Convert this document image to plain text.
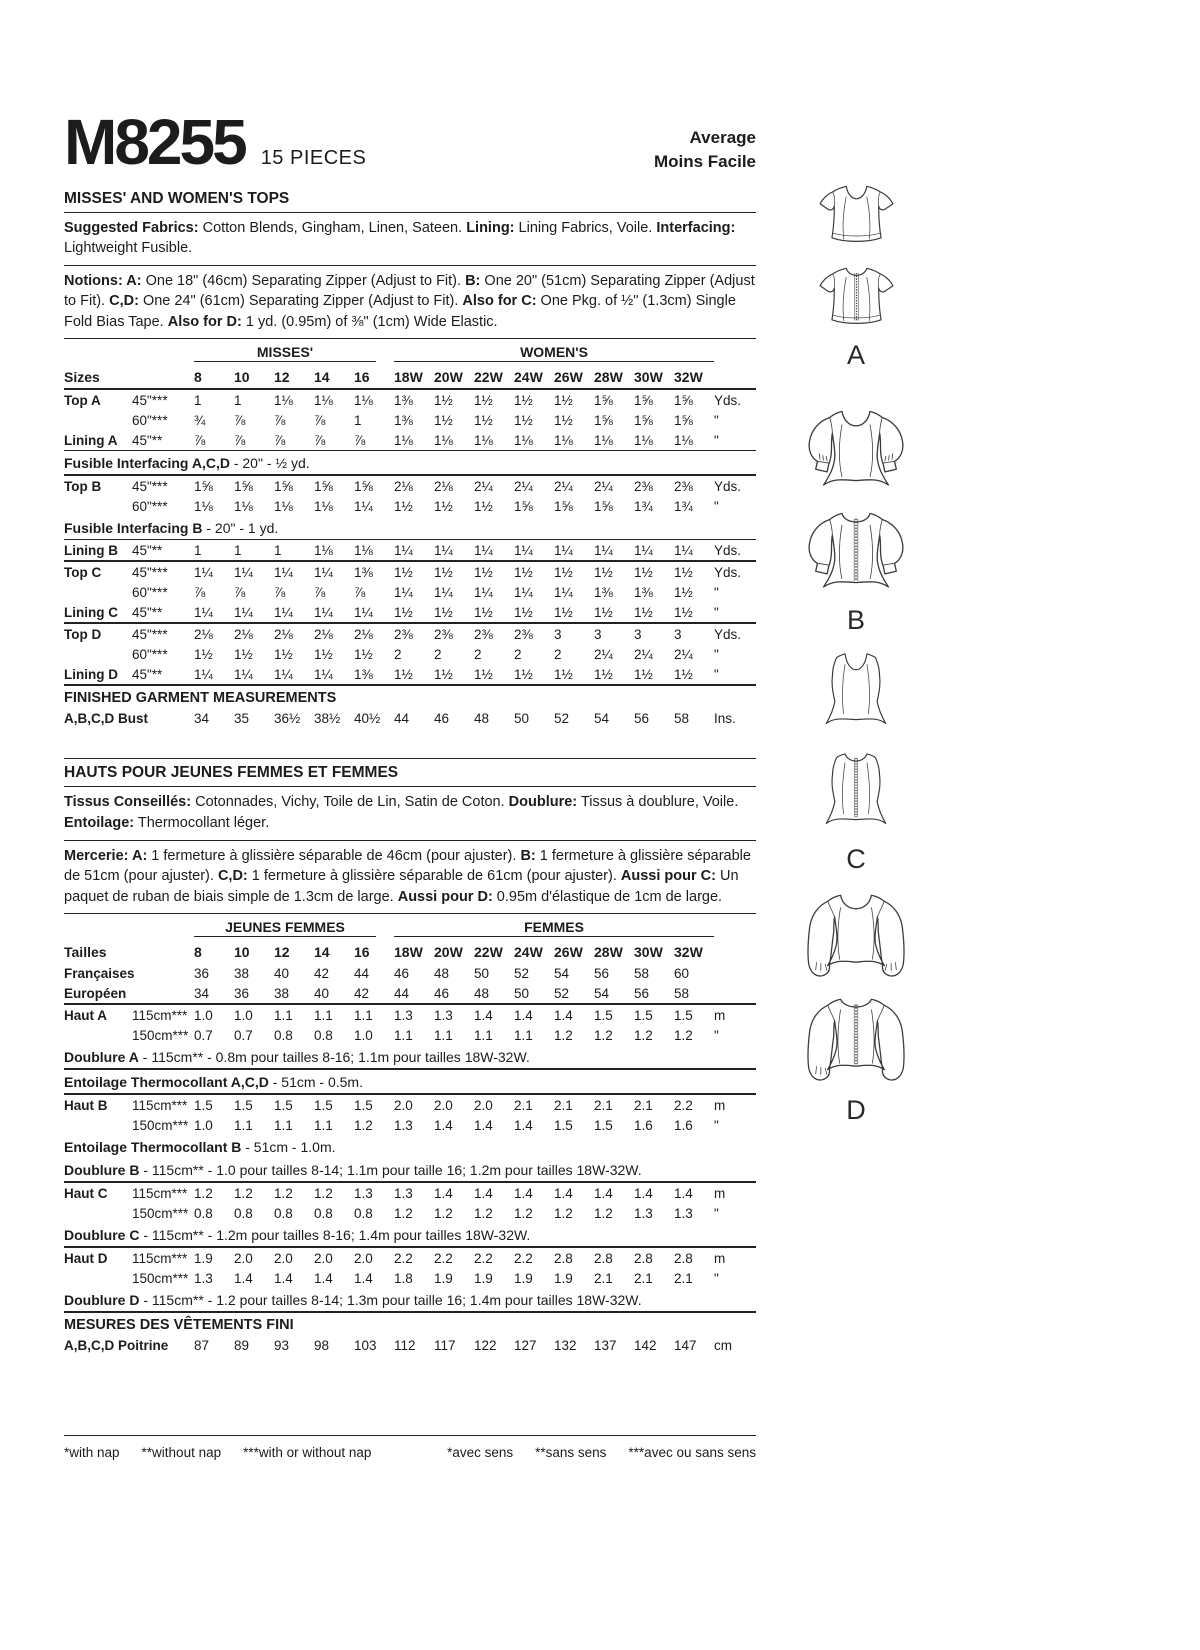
M8255 15 PIECES
Average
Moins Facile
MISSES' AND WOMEN'S TOPS

Suggested Fabrics: Cotton Blends, Gingham, Linen, Sateen. Lining: Lining Fabrics, Voile. Interfacing: Lightweight Fusible.

Notions: A: One 18" (46cm) Separating Zipper (Adjust to Fit). B: One 20" (51cm) Separating Zipper (Adjust to Fit). C,D: One 24" (61cm) Separating Zipper (Adjust to Fit). Also for C: One Pkg. of ½" (1.3cm) Single Fold Bias Tape. Also for D: 1 yd. (0.95m) of ⅜" (1cm) Wide Elastic.

		MISSES'					WOMEN'S								

Sizes		8	10	12	14	16	18W	20W	22W	24W	26W	28W	30W	32W	
Top A	45"***	1	1	1⅛	1⅛	1⅛	1⅜	1½	1½	1½	1½	1⅝	1⅝	1⅝	Yds.
	60"***	¾	⅞	⅞	⅞	1	1⅜	1½	1½	1½	1½	1⅝	1⅝	1⅝	"
Lining A	45"**	⅞	⅞	⅞	⅞	⅞	1⅛	1⅛	1⅛	1⅛	1⅛	1⅛	1⅛	1⅛	"
Fusible Interfacing A,C,D - 20" - ½ yd.															
Top B	45"***	1⅝	1⅝	1⅝	1⅝	1⅝	2⅛	2⅛	2¼	2¼	2¼	2¼	2⅜	2⅜	Yds.
	60"***	1⅛	1⅛	1⅛	1⅛	1¼	1½	1½	1½	1⅝	1⅝	1⅝	1¾	1¾	"
Fusible Interfacing B - 20" - 1 yd.															
Lining B	45"**	1	1	1	1⅛	1⅛	1¼	1¼	1¼	1¼	1¼	1¼	1¼	1¼	Yds.
Top C	45"***	1¼	1¼	1¼	1¼	1⅜	1½	1½	1½	1½	1½	1½	1½	1½	Yds.
	60"***	⅞	⅞	⅞	⅞	⅞	1¼	1¼	1¼	1¼	1¼	1⅜	1⅜	1½	"
Lining C	45"**	1¼	1¼	1¼	1¼	1¼	1½	1½	1½	1½	1½	1½	1½	1½	"
Top D	45"***	2⅛	2⅛	2⅛	2⅛	2⅛	2⅜	2⅜	2⅜	2⅜	3	3	3	3	Yds.
	60"***	1½	1½	1½	1½	1½	2	2	2	2	2	2¼	2¼	2¼	"
Lining D	45"**	1¼	1¼	1¼	1¼	1⅜	1½	1½	1½	1½	1½	1½	1½	1½	"
FINISHED GARMENT MEASUREMENTS															
A,B,C,D Bust		34	35	36½	38½	40½	44	46	48	50	52	54	56	58	Ins.
HAUTS POUR JEUNES FEMMES ET FEMMES

Tissus Conseillés: Cotonnades, Vichy, Toile de Lin, Satin de Coton. Doublure: Tissus à doublure, Voile. Entoilage: Thermocollant léger.

Mercerie: A: 1 fermeture à glissière séparable de 46cm (pour ajuster). B: 1 fermeture à glissière séparable de 51cm (pour ajuster). C,D: 1 fermeture à glissière séparable de 61cm (pour ajuster). Aussi pour C: Un paquet de ruban de biais simple de 1.3cm de large. Aussi pour D: 0.95m d'élastique de 1cm de large.

		JEUNES FEMMES					FEMMES								

Tailles		8	10	12	14	16	18W	20W	22W	24W	26W	28W	30W	32W	
Françaises		36	38	40	42	44	46	48	50	52	54	56	58	60	
Européen		34	36	38	40	42	44	46	48	50	52	54	56	58	
Haut A	115cm***	1.0	1.0	1.1	1.1	1.1	1.3	1.3	1.4	1.4	1.4	1.5	1.5	1.5	m
	150cm***	0.7	0.7	0.8	0.8	1.0	1.1	1.1	1.1	1.1	1.2	1.2	1.2	1.2	"
Doublure A - 115cm** - 0.8m pour tailles 8-16; 1.1m pour tailles 18W-32W.															
Entoilage Thermocollant A,C,D - 51cm - 0.5m.															
Haut B	115cm***	1.5	1.5	1.5	1.5	1.5	2.0	2.0	2.0	2.1	2.1	2.1	2.1	2.2	m
	150cm***	1.0	1.1	1.1	1.1	1.2	1.3	1.4	1.4	1.4	1.5	1.5	1.6	1.6	"
Entoilage Thermocollant B - 51cm - 1.0m.															
Doublure B - 115cm** - 1.0 pour tailles 8-14; 1.1m pour taille 16; 1.2m pour tailles 18W-32W.															
Haut C	115cm***	1.2	1.2	1.2	1.2	1.3	1.3	1.4	1.4	1.4	1.4	1.4	1.4	1.4	m
	150cm***	0.8	0.8	0.8	0.8	0.8	1.2	1.2	1.2	1.2	1.2	1.2	1.3	1.3	"
Doublure C - 115cm** - 1.2m pour tailles 8-16; 1.4m pour tailles 18W-32W.															
Haut D	115cm***	1.9	2.0	2.0	2.0	2.0	2.2	2.2	2.2	2.2	2.8	2.8	2.8	2.8	m
	150cm***	1.3	1.4	1.4	1.4	1.4	1.8	1.9	1.9	1.9	1.9	2.1	2.1	2.1	"
Doublure D - 115cm** - 1.2 pour tailles 8-14; 1.3m pour taille 16; 1.4m pour tailles 18W-32W.															
MESURES DES VÊTEMENTS FINI															
A,B,C,D Poitrine		87	89	93	98	103	112	117	122	127	132	137	142	147	cm
*with nap **without nap ***with or without nap	*avec sens **sans sens ***avec ou sans sens
A
B
C
D
